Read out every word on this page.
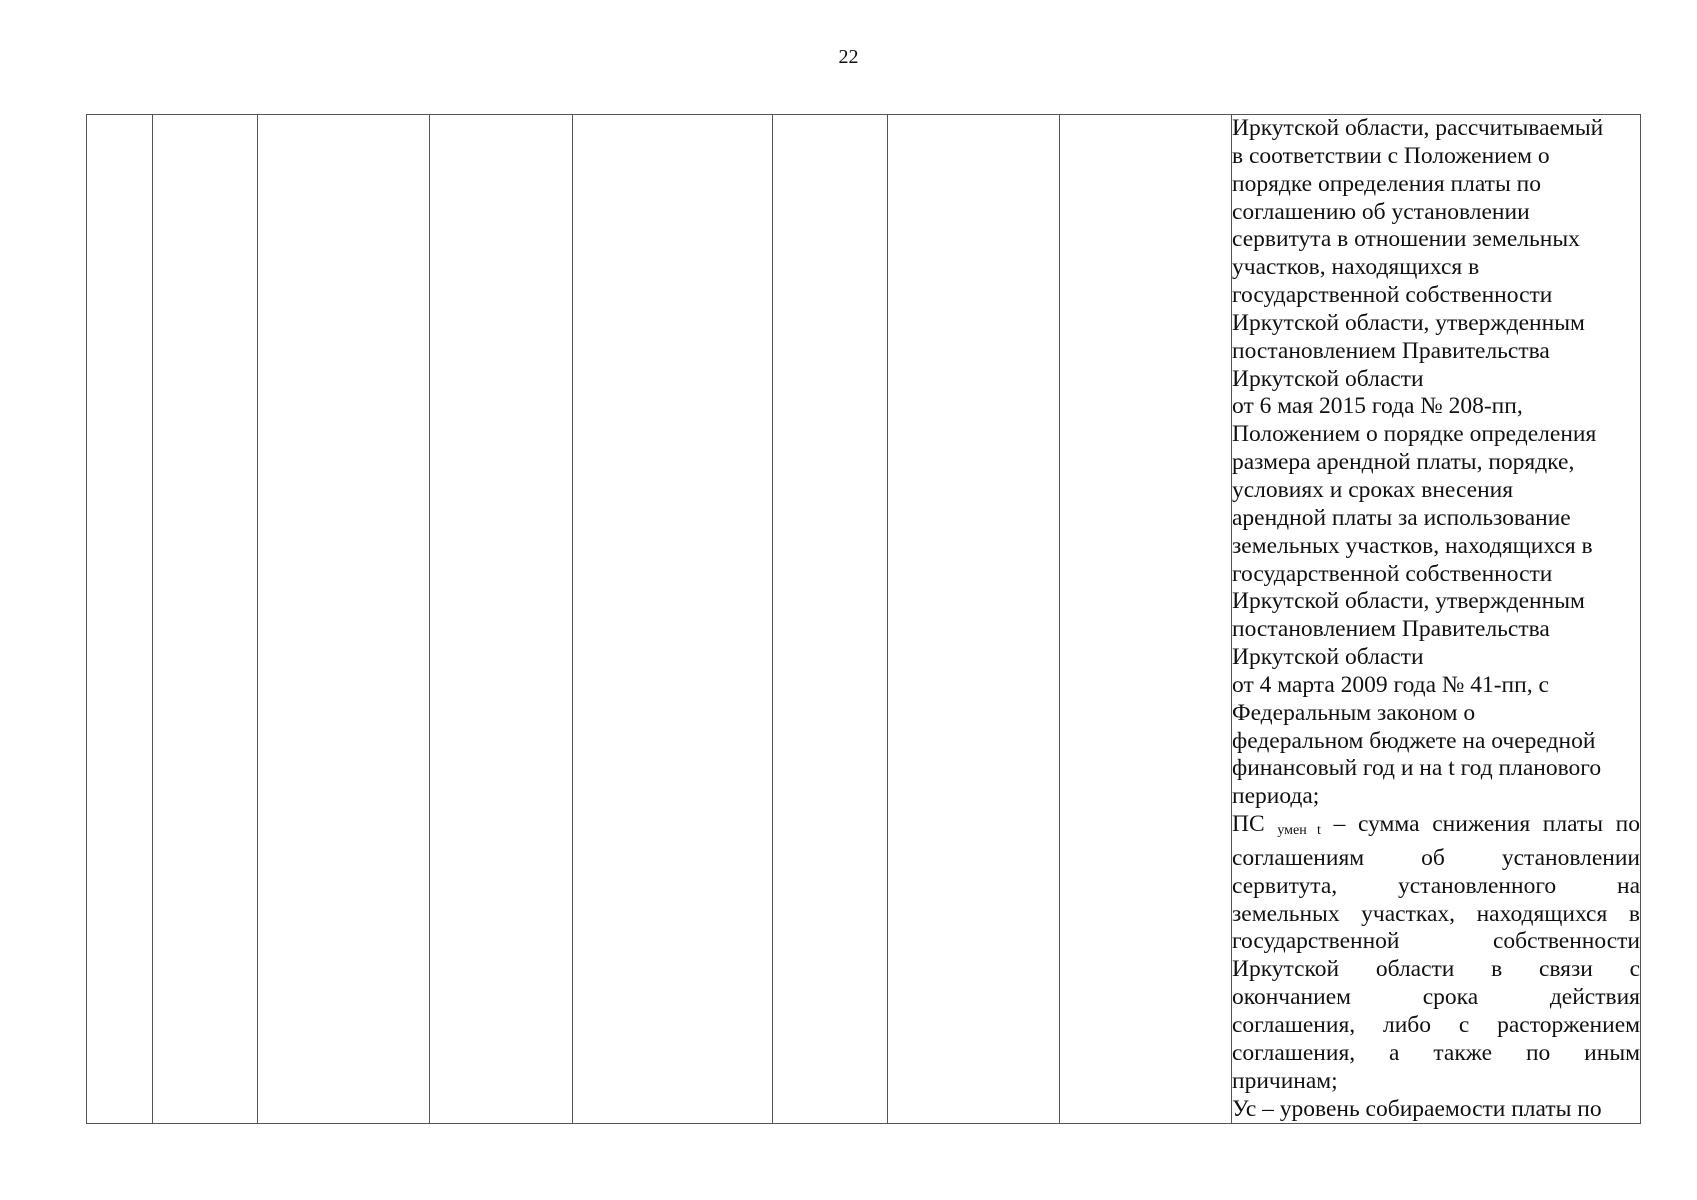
22

Иркутской области, рассчитываемый
в соответствии с Положением о
порядке определения платы по
соглашению об установлении
сервитута в отношении земельных
участков, находящихся в
государственной собственности
Иркутской области, утвержденным
постановлением Правительства
Иркутской области
от 6 мая 2015 года № 208-пп,
Положением о порядке определения
размера арендной платы, порядке,
условиях и сроках внесения
арендной платы за использование
земельных участков, находящихся в
государственной собственности
Иркутской области, утвержденным
постановлением Правительства
Иркутской области
от 4 марта 2009 года № 41-пп, с
Федеральным законом о
федеральном бюджете на очередной
финансовый год и на t год планового
периода;
ПС $_{умен t}$ – сумма снижения платы по
соглашениям об установлении
сервитута, установленного на
земельных участках, находящихся в
государственной собственности
Иркутской области в связи с
окончанием срока действия
соглашения, либо с расторжением
соглашения, а также по иным
причинам;
Ус – уровень собираемости платы по
